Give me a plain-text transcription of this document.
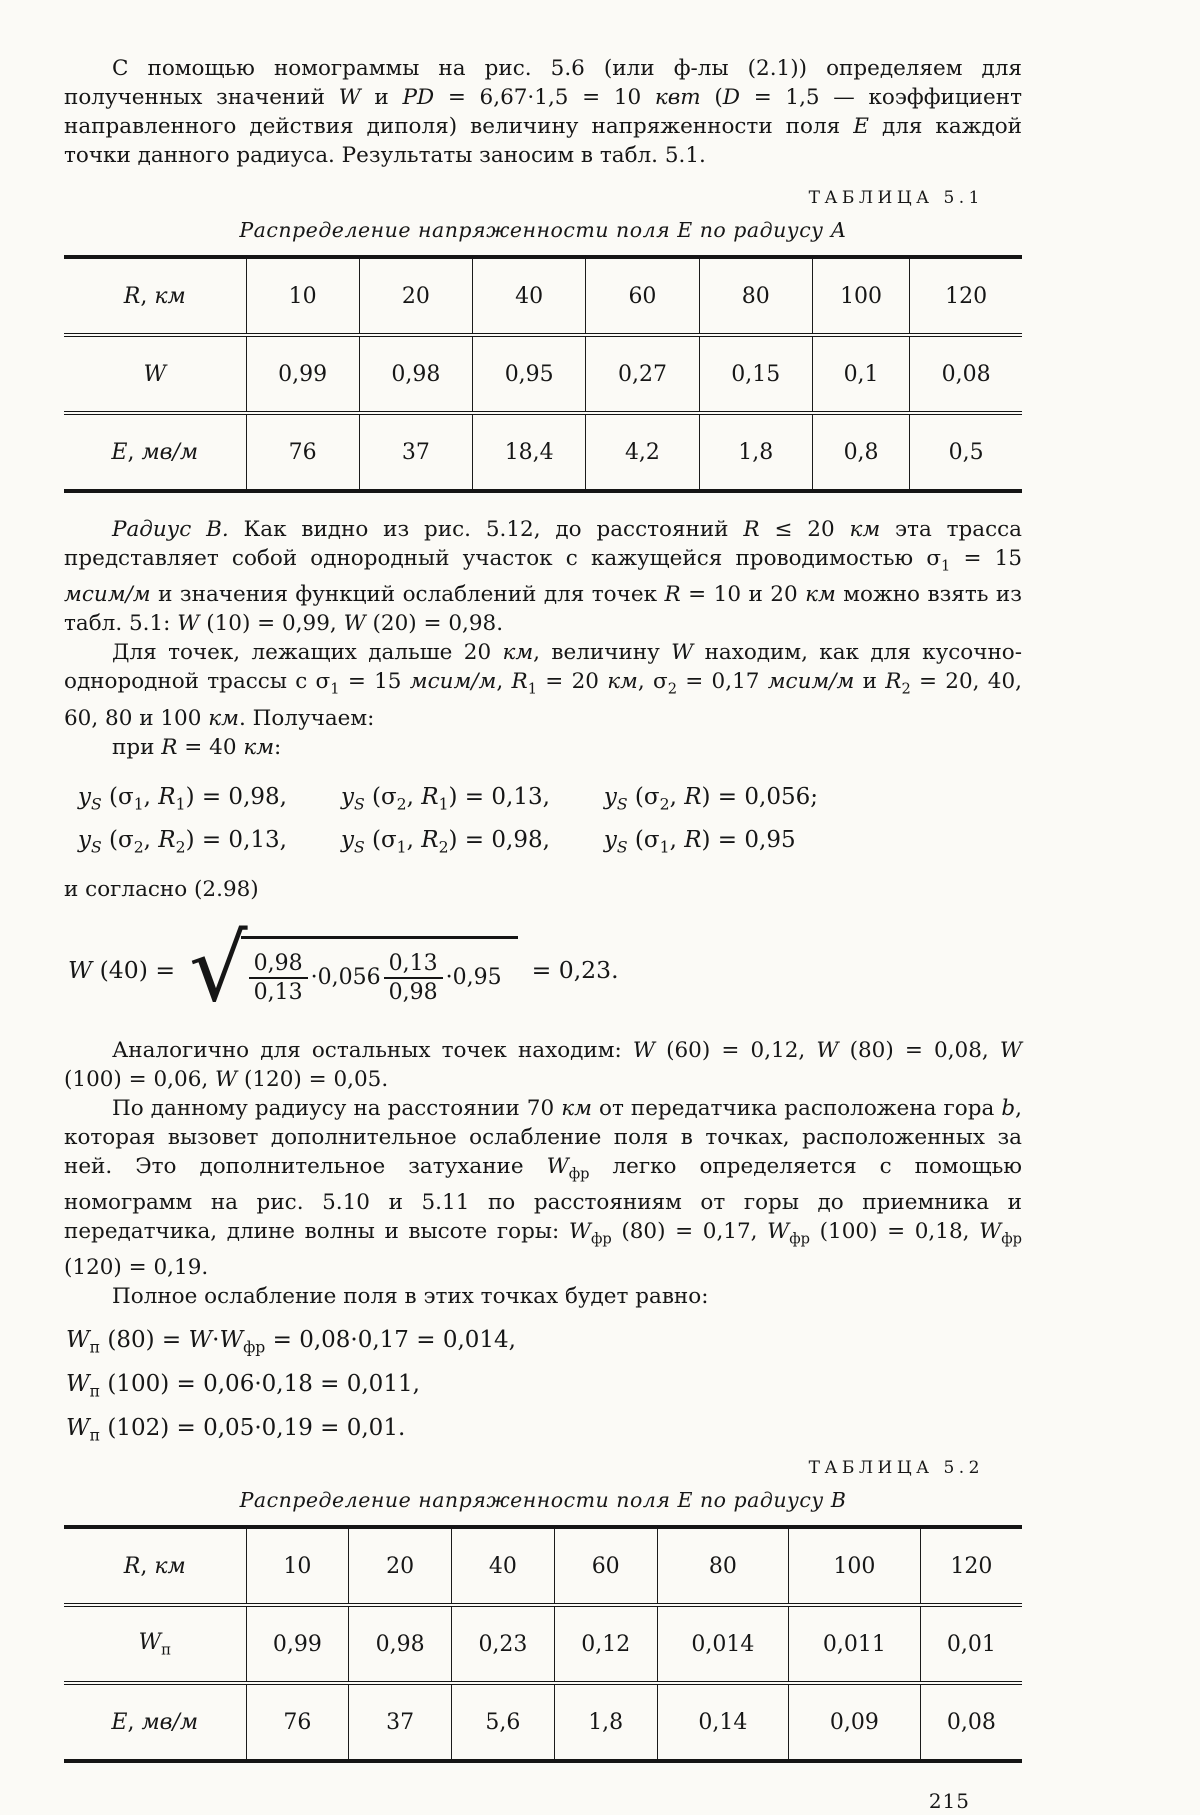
С помощью номограммы на рис. 5.6 (или ф-лы (2.1)) определяем для полученных значений W и PD = 6,67·1,5 = 10 квт (D = 1,5 — коэффициент направленного действия диполя) величину напряженности поля Е для каждой точки данного радиуса. Результаты заносим в табл. 5.1.

ТАБЛИЦА 5.1
Распределение напряженности поля Е по радиусу А
R, км	10	20	40	60	80	100	120
W	0,99	0,98	0,95	0,27	0,15	0,1	0,08
Е, мв/м	76	37	18,4	4,2	1,8	0,8	0,5

Радиус В. Как видно из рис. 5.12, до расстояний R ≤ 20 км эта трасса представляет собой однородный участок с кажущейся проводимостью $\sigma_1 = 15$ мсим/м и значения функций ослаблений для точек R = 10 и 20 км можно взять из табл. 5.1: W (10) = 0,99, W (20) = 0,98.

Для точек, лежащих дальше 20 км, величину W находим, как для кусочно-однородной трассы с $\sigma_1 = 15$ мсим/м, $R_1 = 20$ км, $\sigma_2 = 0,17$ мсим/м и $R_2 = 20$, 40, 60, 80 и 100 км. Получаем:

при R = 40 км:

$y_S$ ($\sigma_1$, $R_1) = 0,98$, $y_S$ ($\sigma_2$, $R_1) = 0,13$, $y_S$ ($\sigma_2$, R) = 0,056;
$y_S$ ($\sigma_2$, $R_2) = 0,13$, $y_S$ ($\sigma_1$, $R_2) = 0,98$, $y_S$ ($\sigma_1$, R) = 0,95

и согласно (2.98)

W (40) = √ $\frac{0,98}{0,13} \cdot 0,056 \frac{0,13}{0,98} \cdot 0,95 = 0,23$.

Аналогично для остальных точек находим: W (60) = 0,12, W (80) = 0,08, W (100) = 0,06, W (120) = 0,05.

По данному радиусу на расстоянии 70 км от передатчика расположена гора b, которая вызовет дополнительное ослабление поля в точках, расположенных за ней. Это дополнительное затухание $W_{фр}$ легко определяется с помощью номограмм на рис. 5.10 и 5.11 по расстояниям от горы до приемника и передатчика, длине волны и высоте горы: $W_{фр}$ (80) = 0,17, $W_{фр}$ (100) = 0,18, $W_{фр}$ (120) = 0,19.

Полное ослабление поля в этих точках будет равно:

$W_п$ $(80) = W\cdot W_{фр} = 0,08\cdot 0,17 = 0,014$,
$W_п$ (100) = 0,06·0,18 = 0,011,
$W_п$ (102) = 0,05·0,19 = 0,01.
ТАБЛИЦА 5.2
Распределение напряженности поля Е по радиусу В
R, км	10	20	40	60	80	100	120
$W_п$	0,99	0,98	0,23	0,12	0,014	0,011	0,01
Е, мв/м	76	37	5,6	1,8	0,14	0,09	0,08
215
